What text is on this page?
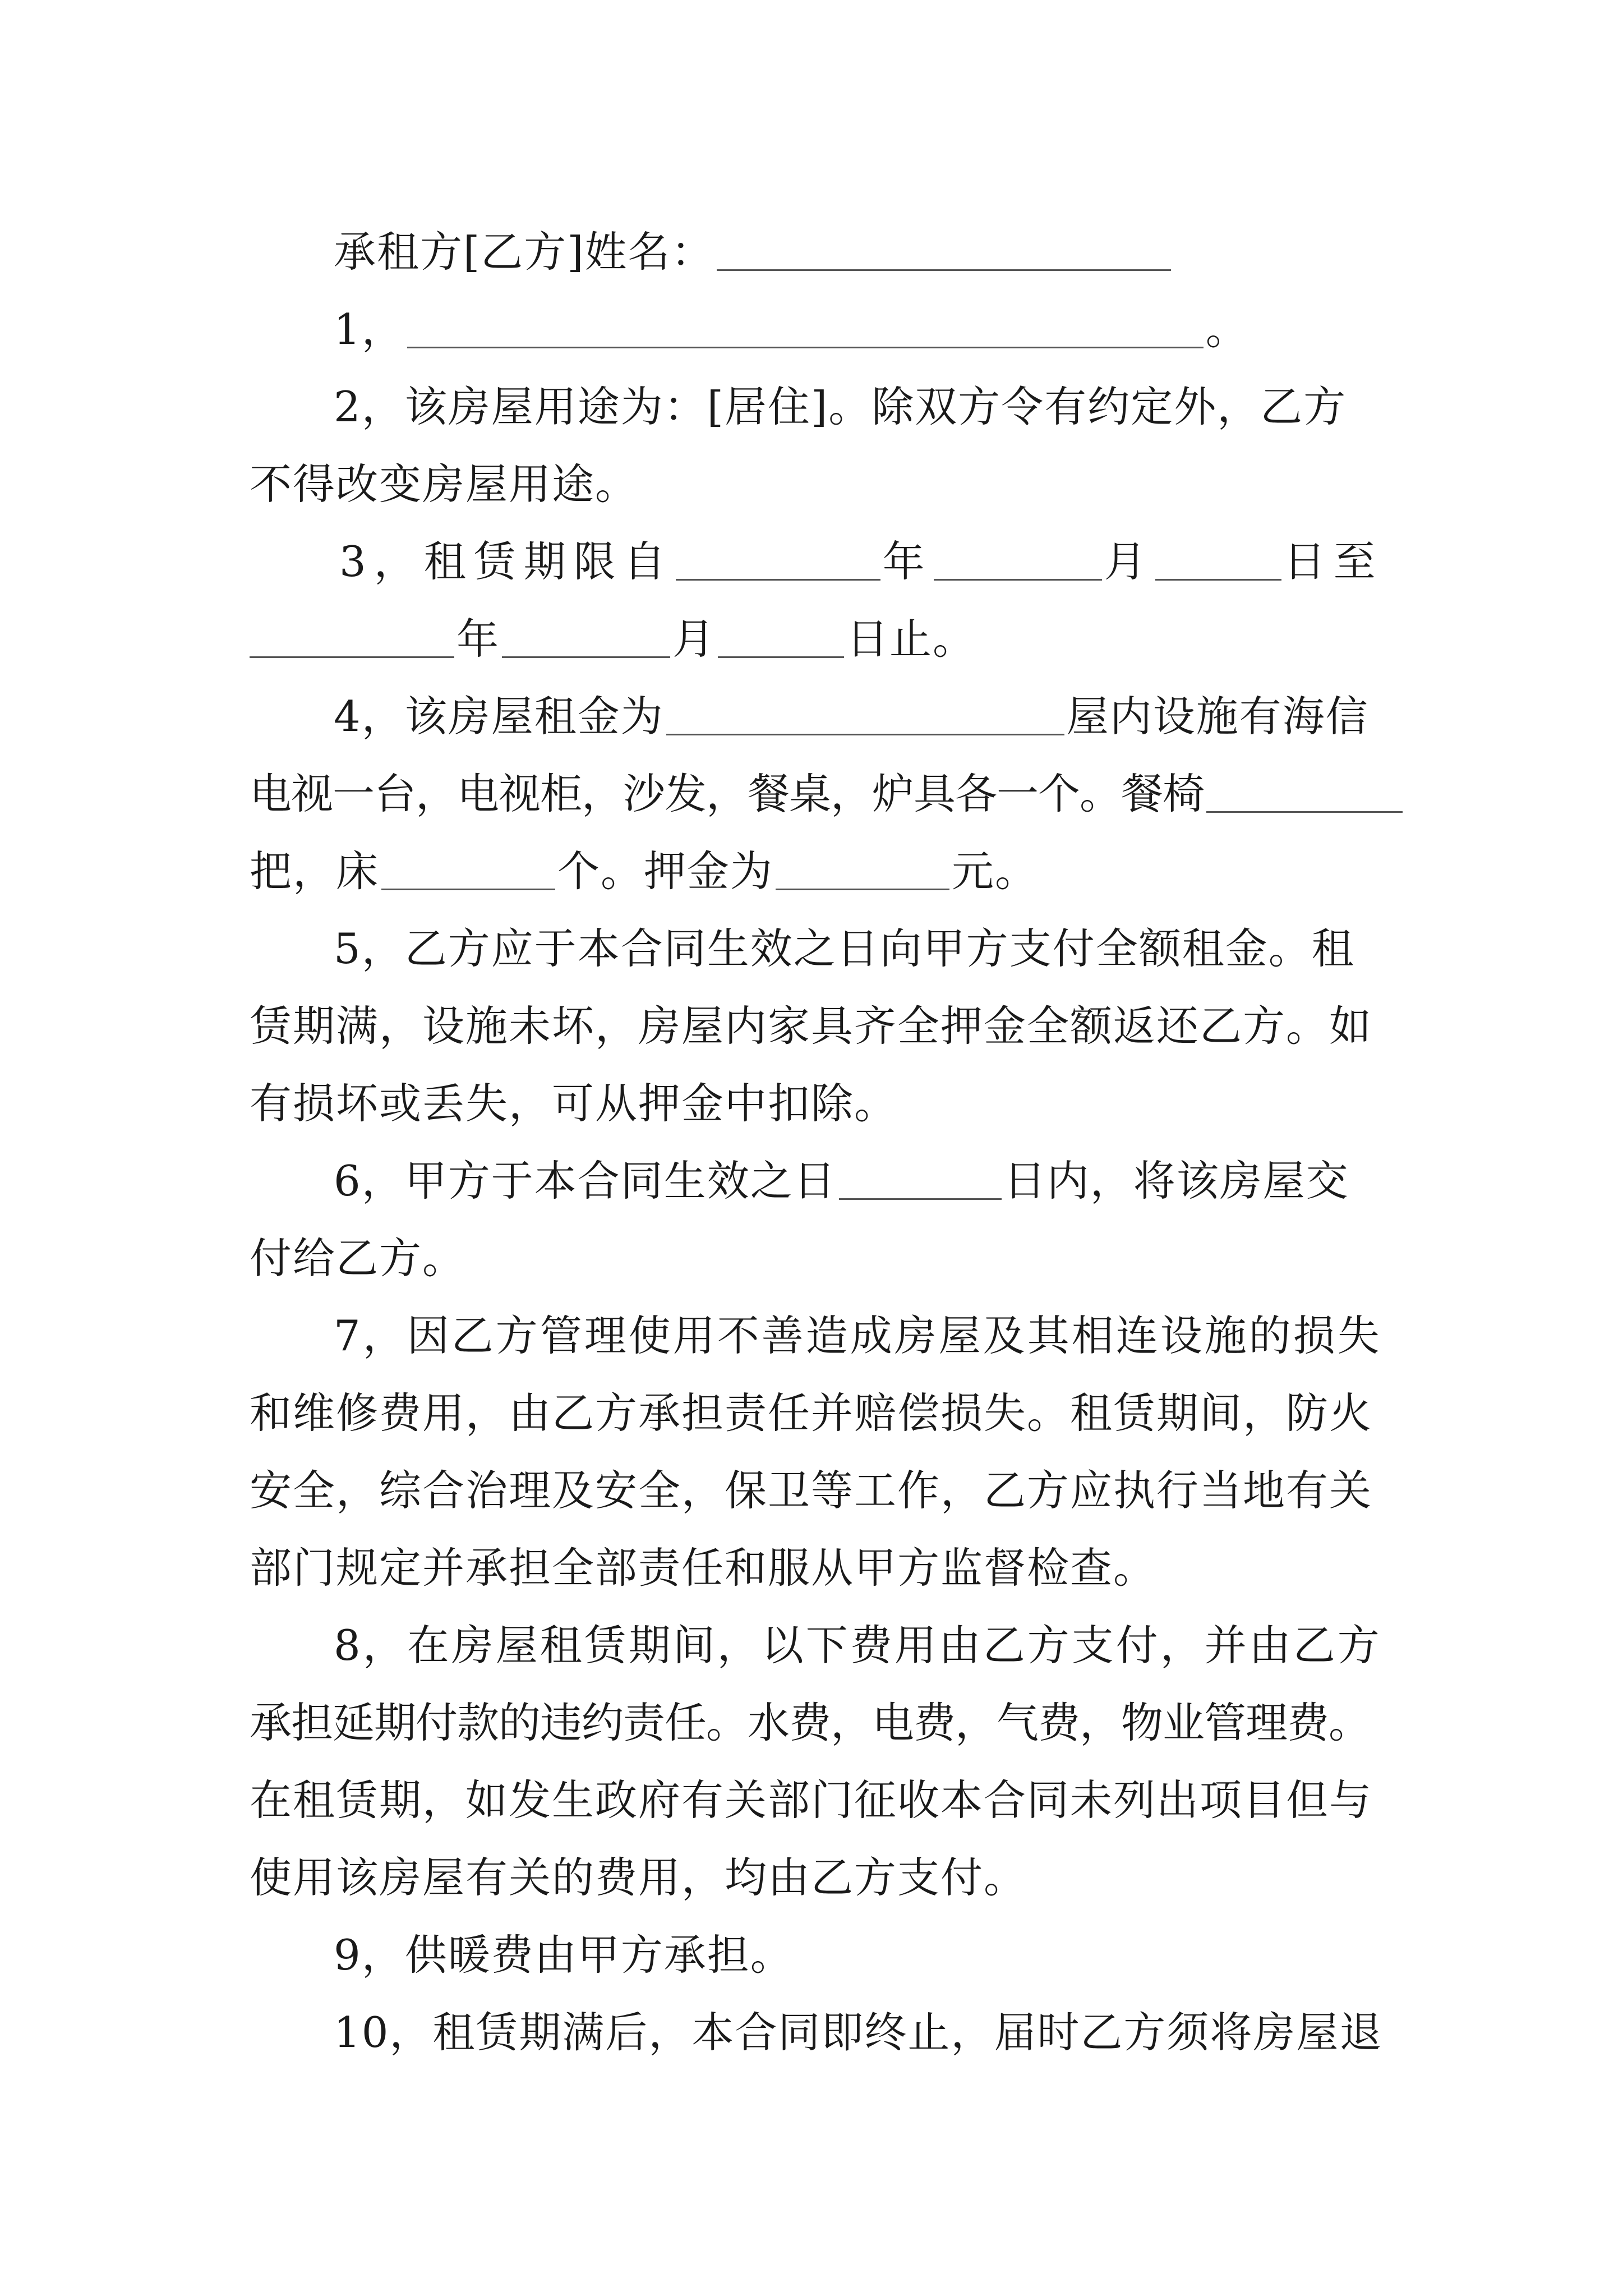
承租方[乙方]姓名：
1，	。
2，该房屋用途为：[居住]。除双方令有约定外，乙方
不得改变房屋用途。
3，租赁期限自	年	月	日至
年	月	日止。
4，该房屋租金为	屋内设施有海信
电视一台，电视柜，沙发，餐桌，炉具各一个。餐椅
把，床	个。押金为	元。
5，乙方应于本合同生效之日向甲方支付全额租金。租
赁期满，设施未坏，房屋内家具齐全押金全额返还乙方。如
有损坏或丢失，可从押金中扣除。
6，甲方于本合同生效之日	日内，将该房屋交
付给乙方。
7，因乙方管理使用不善造成房屋及其相连设施的损失
和维修费用，由乙方承担责任并赔偿损失。租赁期间，防火
安全，综合治理及安全，保卫等工作，乙方应执行当地有关
部门规定并承担全部责任和服从甲方监督检查。
8，在房屋租赁期间，以下费用由乙方支付，并由乙方
承担延期付款的违约责任。水费，电费，气费，物业管理费。
在租赁期，如发生政府有关部门征收本合同未列出项目但与
使用该房屋有关的费用，均由乙方支付。
9，供暖费由甲方承担。
10，租赁期满后，本合同即终止，届时乙方须将房屋退
